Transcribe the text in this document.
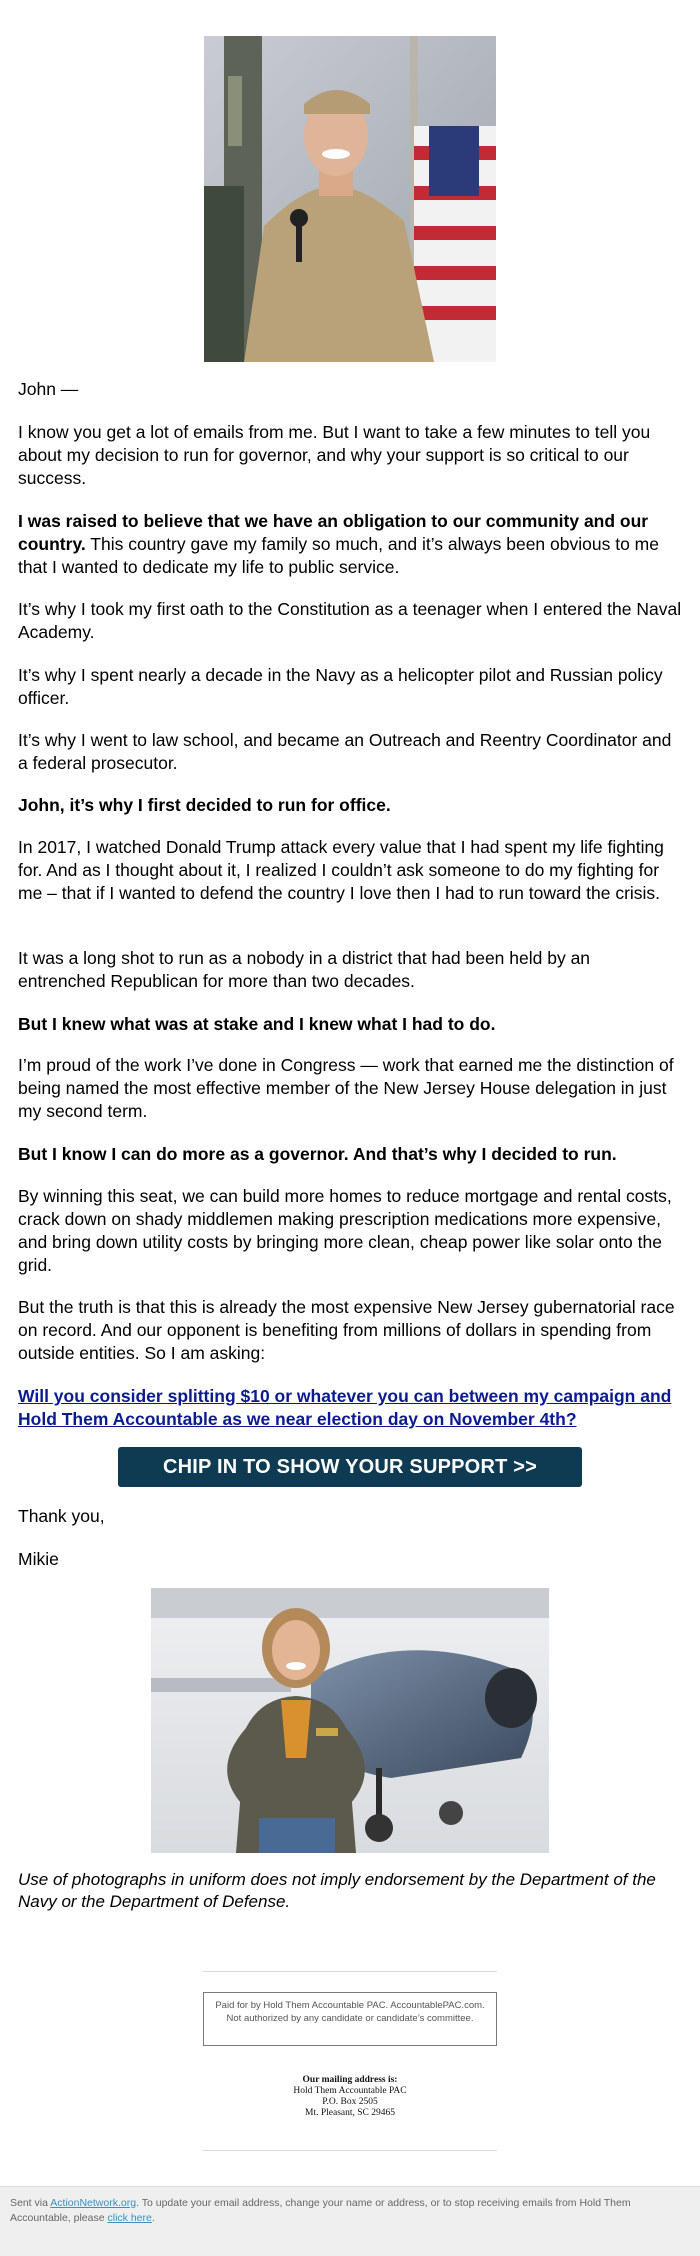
John —

I know you get a lot of emails from me. But I want to take a few minutes to tell you about my decision to run for governor, and why your support is so critical to our success.

I was raised to believe that we have an obligation to our community and our country. This country gave my family so much, and it’s always been obvious to me that I wanted to dedicate my life to public service.

It’s why I took my first oath to the Constitution as a teenager when I entered the Naval Academy.

It’s why I spent nearly a decade in the Navy as a helicopter pilot and Russian policy officer.

It’s why I went to law school, and became an Outreach and Reentry Coordinator and a federal prosecutor.

John, it’s why I first decided to run for office.

In 2017, I watched Donald Trump attack every value that I had spent my life fighting for. And as I thought about it, I realized I couldn’t ask someone to do my fighting for me – that if I wanted to defend the country I love then I had to run toward the crisis.

It was a long shot to run as a nobody in a district that had been held by an entrenched Republican for more than two decades.

But I knew what was at stake and I knew what I had to do.

I’m proud of the work I’ve done in Congress — work that earned me the distinction of being named the most effective member of the New Jersey House delegation in just my second term.

But I know I can do more as a governor. And that’s why I decided to run.

By winning this seat, we can build more homes to reduce mortgage and rental costs, crack down on shady middlemen making prescription medications more expensive, and bring down utility costs by bringing more clean, cheap power like solar onto the grid.

But the truth is that this is already the most expensive New Jersey gubernatorial race on record. And our opponent is benefiting from millions of dollars in spending from outside entities. So I am asking:

Will you consider splitting $10 or whatever you can between my campaign and Hold Them Accountable as we near election day on November 4th?

CHIP IN TO SHOW YOUR SUPPORT >>
Thank you,
Mikie

Use of photographs in uniform does not imply endorsement by the Department of the Navy or the Department of Defense.

Paid for by Hold Them Accountable PAC. AccountablePAC.com. Not authorized by any candidate or candidate’s committee.
Our mailing address is:
Hold Them Accountable PAC
P.O. Box 2505
Mt. Pleasant, SC 29465
Sent via ActionNetwork.org. To update your email address, change your name or address, or to stop receiving emails from Hold Them Accountable, please click here.
